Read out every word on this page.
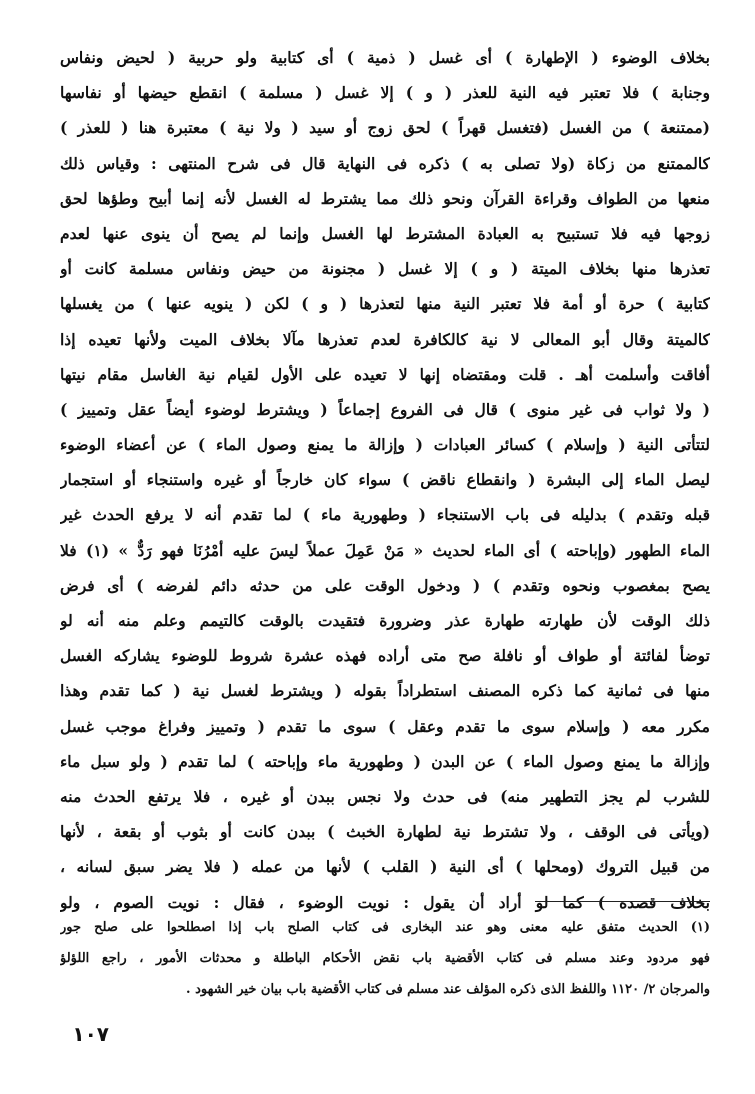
بخلاف الوضوء ( الإطهارة ) أى غسل ( ذمية ) أى كتابية ولو حربية ( لحيض ونفاس
وجنابة ) فلا تعتبر فيه النية للعذر ( و ) إلا غسل ( مسلمة ) انقطع حيضها أو نفاسها
(ممتنعة ) من الغسل (فتغسل قهراً ) لحق زوج أو سيد ( ولا نية ) معتبرة هنا ( للعذر )
كالممتنع من زكاة (ولا تصلى به ) ذكره فى النهاية قال فى شرح المنتهى : وقياس ذلك
منعها من الطواف وقراءة القرآن ونحو ذلك مما يشترط له الغسل لأنه إنما أبيح وطؤها لحق
زوجها فيه فلا تستبيح به العبادة المشترط لها الغسل وإنما لم يصح أن ينوى عنها لعدم
تعذرها منها بخلاف الميتة ( و ) إلا غسل ( مجنونة من حيض ونفاس مسلمة كانت أو
كتابية ) حرة أو أمة فلا تعتبر النية منها لتعذرها ( و ) لكن ( ينويه عنها ) من يغسلها
كالميتة وقال أبو المعالى لا نية كالكافرة لعدم تعذرها مآلا بخلاف الميت ولأنها تعيده إذا
أفاقت وأسلمت أهـ . قلت ومقتضاه إنها لا تعيده على الأول لقيام نية الغاسل مقام نيتها
( ولا ثواب فى غير منوى ) قال فى الفروع إجماعاً ( ويشترط لوضوء أيضاً عقل وتمييز )
لتتأتى النية ( وإسلام ) كسائر العبادات ( وإزالة ما يمنع وصول الماء ) عن أعضاء الوضوء
ليصل الماء إلى البشرة ( وانقطاع ناقض ) سواء كان خارجاً أو غيره واستنجاء أو استجمار
قبله وتقدم ) بدليله فى باب الاستنجاء ( وطهورية ماء ) لما تقدم أنه لا يرفع الحدث غير
الماء الطهور (وإباحته ) أى الماء لحديث « مَنْ عَمِلَ عملاً ليسَ عليه أمْرُنَا فهو رَدٌّ » (١) فلا
يصح بمغصوب ونحوه وتقدم ) ( ودخول الوقت على من حدثه دائم لفرضه ) أى فرض
ذلك الوقت لأن طهارته طهارة عذر وضرورة فتقيدت بالوقت كالتيمم وعلم منه أنه لو
توضأ لفائتة أو طواف أو نافلة صح متى أراده فهذه عشرة شروط للوضوء يشاركه الغسل
منها فى ثمانية كما ذكره المصنف استطراداً بقوله ( ويشترط لغسل نية ( كما تقدم وهذا
مكرر معه ( وإسلام سوى ما تقدم وعقل ) سوى ما تقدم ( وتمييز وفراغ موجب غسل
وإزالة ما يمنع وصول الماء ) عن البدن ( وطهورية ماء وإباحته ) لما تقدم ( ولو سبل ماء
للشرب لم يجز التطهير منه) فى حدث ولا نجس ببدن أو غيره ، فلا يرتفع الحدث منه
(ويأتى فى الوقف ، ولا تشترط نية لطهارة الخبث ) ببدن كانت أو بثوب أو بقعة ، لأنها
من قبيل التروك (ومحلها ) أى النية ( القلب ) لأنها من عمله ( فلا يضر سبق لسانه ،
بخلاف قصده ) كما لو أراد أن يقول : نويت الوضوء ، فقال : نويت الصوم ، ولو
(١) الحديث متفق عليه معنى وهو عند البخارى فى كتاب الصلح باب إذا اصطلحوا على صلح جور
فهو مردود وعند مسلم فى كتاب الأقضية باب نقض الأحكام الباطلة و محدثات الأمور ، راجع اللؤلؤ
والمرجان ٢/ ١١٢٠ واللفظ الذى ذكره المؤلف عند مسلم فى كتاب الأقضية باب بيان خير الشهود .
١٠٧
